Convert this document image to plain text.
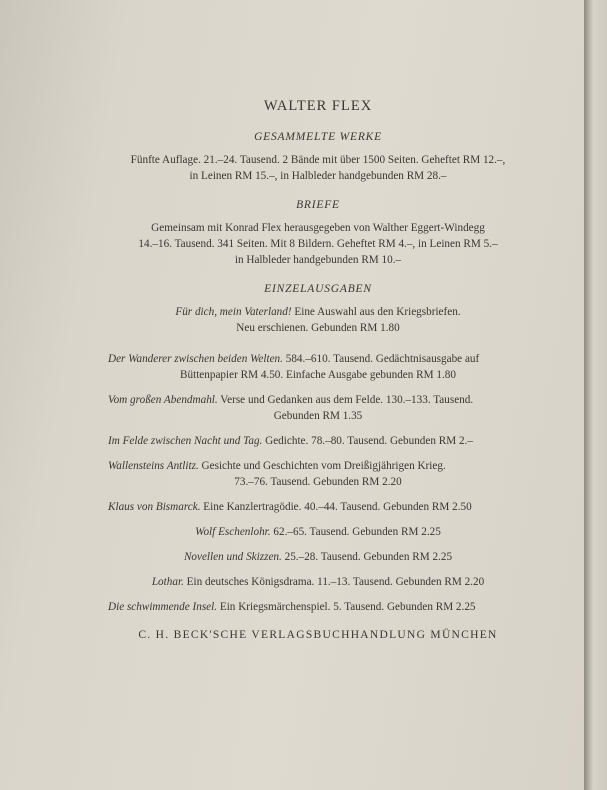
WALTER FLEX
GESAMMELTE WERKE
Fünfte Auflage. 21.–24. Tausend. 2 Bände mit über 1500 Seiten. Geheftet RM 12.–,
in Leinen RM 15.–, in Halbleder handgebunden RM 28.–
BRIEFE
Gemeinsam mit Konrad Flex herausgegeben von Walther Eggert-Windegg
14.–16. Tausend. 341 Seiten. Mit 8 Bildern. Geheftet RM 4.–, in Leinen RM 5.–
in Halbleder handgebunden RM 10.–
EINZELAUSGABEN
Für dich, mein Vaterland! Eine Auswahl aus den Kriegsbriefen.
Neu erschienen. Gebunden RM 1.80
Der Wanderer zwischen beiden Welten. 584.–610. Tausend. Gedächtnisausgabe auf
Büttenpapier RM 4.50. Einfache Ausgabe gebunden RM 1.80
Vom großen Abendmahl. Verse und Gedanken aus dem Felde. 130.–133. Tausend.
Gebunden RM 1.35
Im Felde zwischen Nacht und Tag. Gedichte. 78.–80. Tausend. Gebunden RM 2.–
Wallensteins Antlitz. Gesichte und Geschichten vom Dreißigjährigen Krieg.
73.–76. Tausend. Gebunden RM 2.20
Klaus von Bismarck. Eine Kanzlertragödie. 40.–44. Tausend. Gebunden RM 2.50
Wolf Eschenlohr. 62.–65. Tausend. Gebunden RM 2.25
Novellen und Skizzen. 25.–28. Tausend. Gebunden RM 2.25
Lothar. Ein deutsches Königsdrama. 11.–13. Tausend. Gebunden RM 2.20
Die schwimmende Insel. Ein Kriegsmärchenspiel. 5. Tausend. Gebunden RM 2.25
C. H. BECK'SCHE VERLAGSBUCHHANDLUNG MÜNCHEN
